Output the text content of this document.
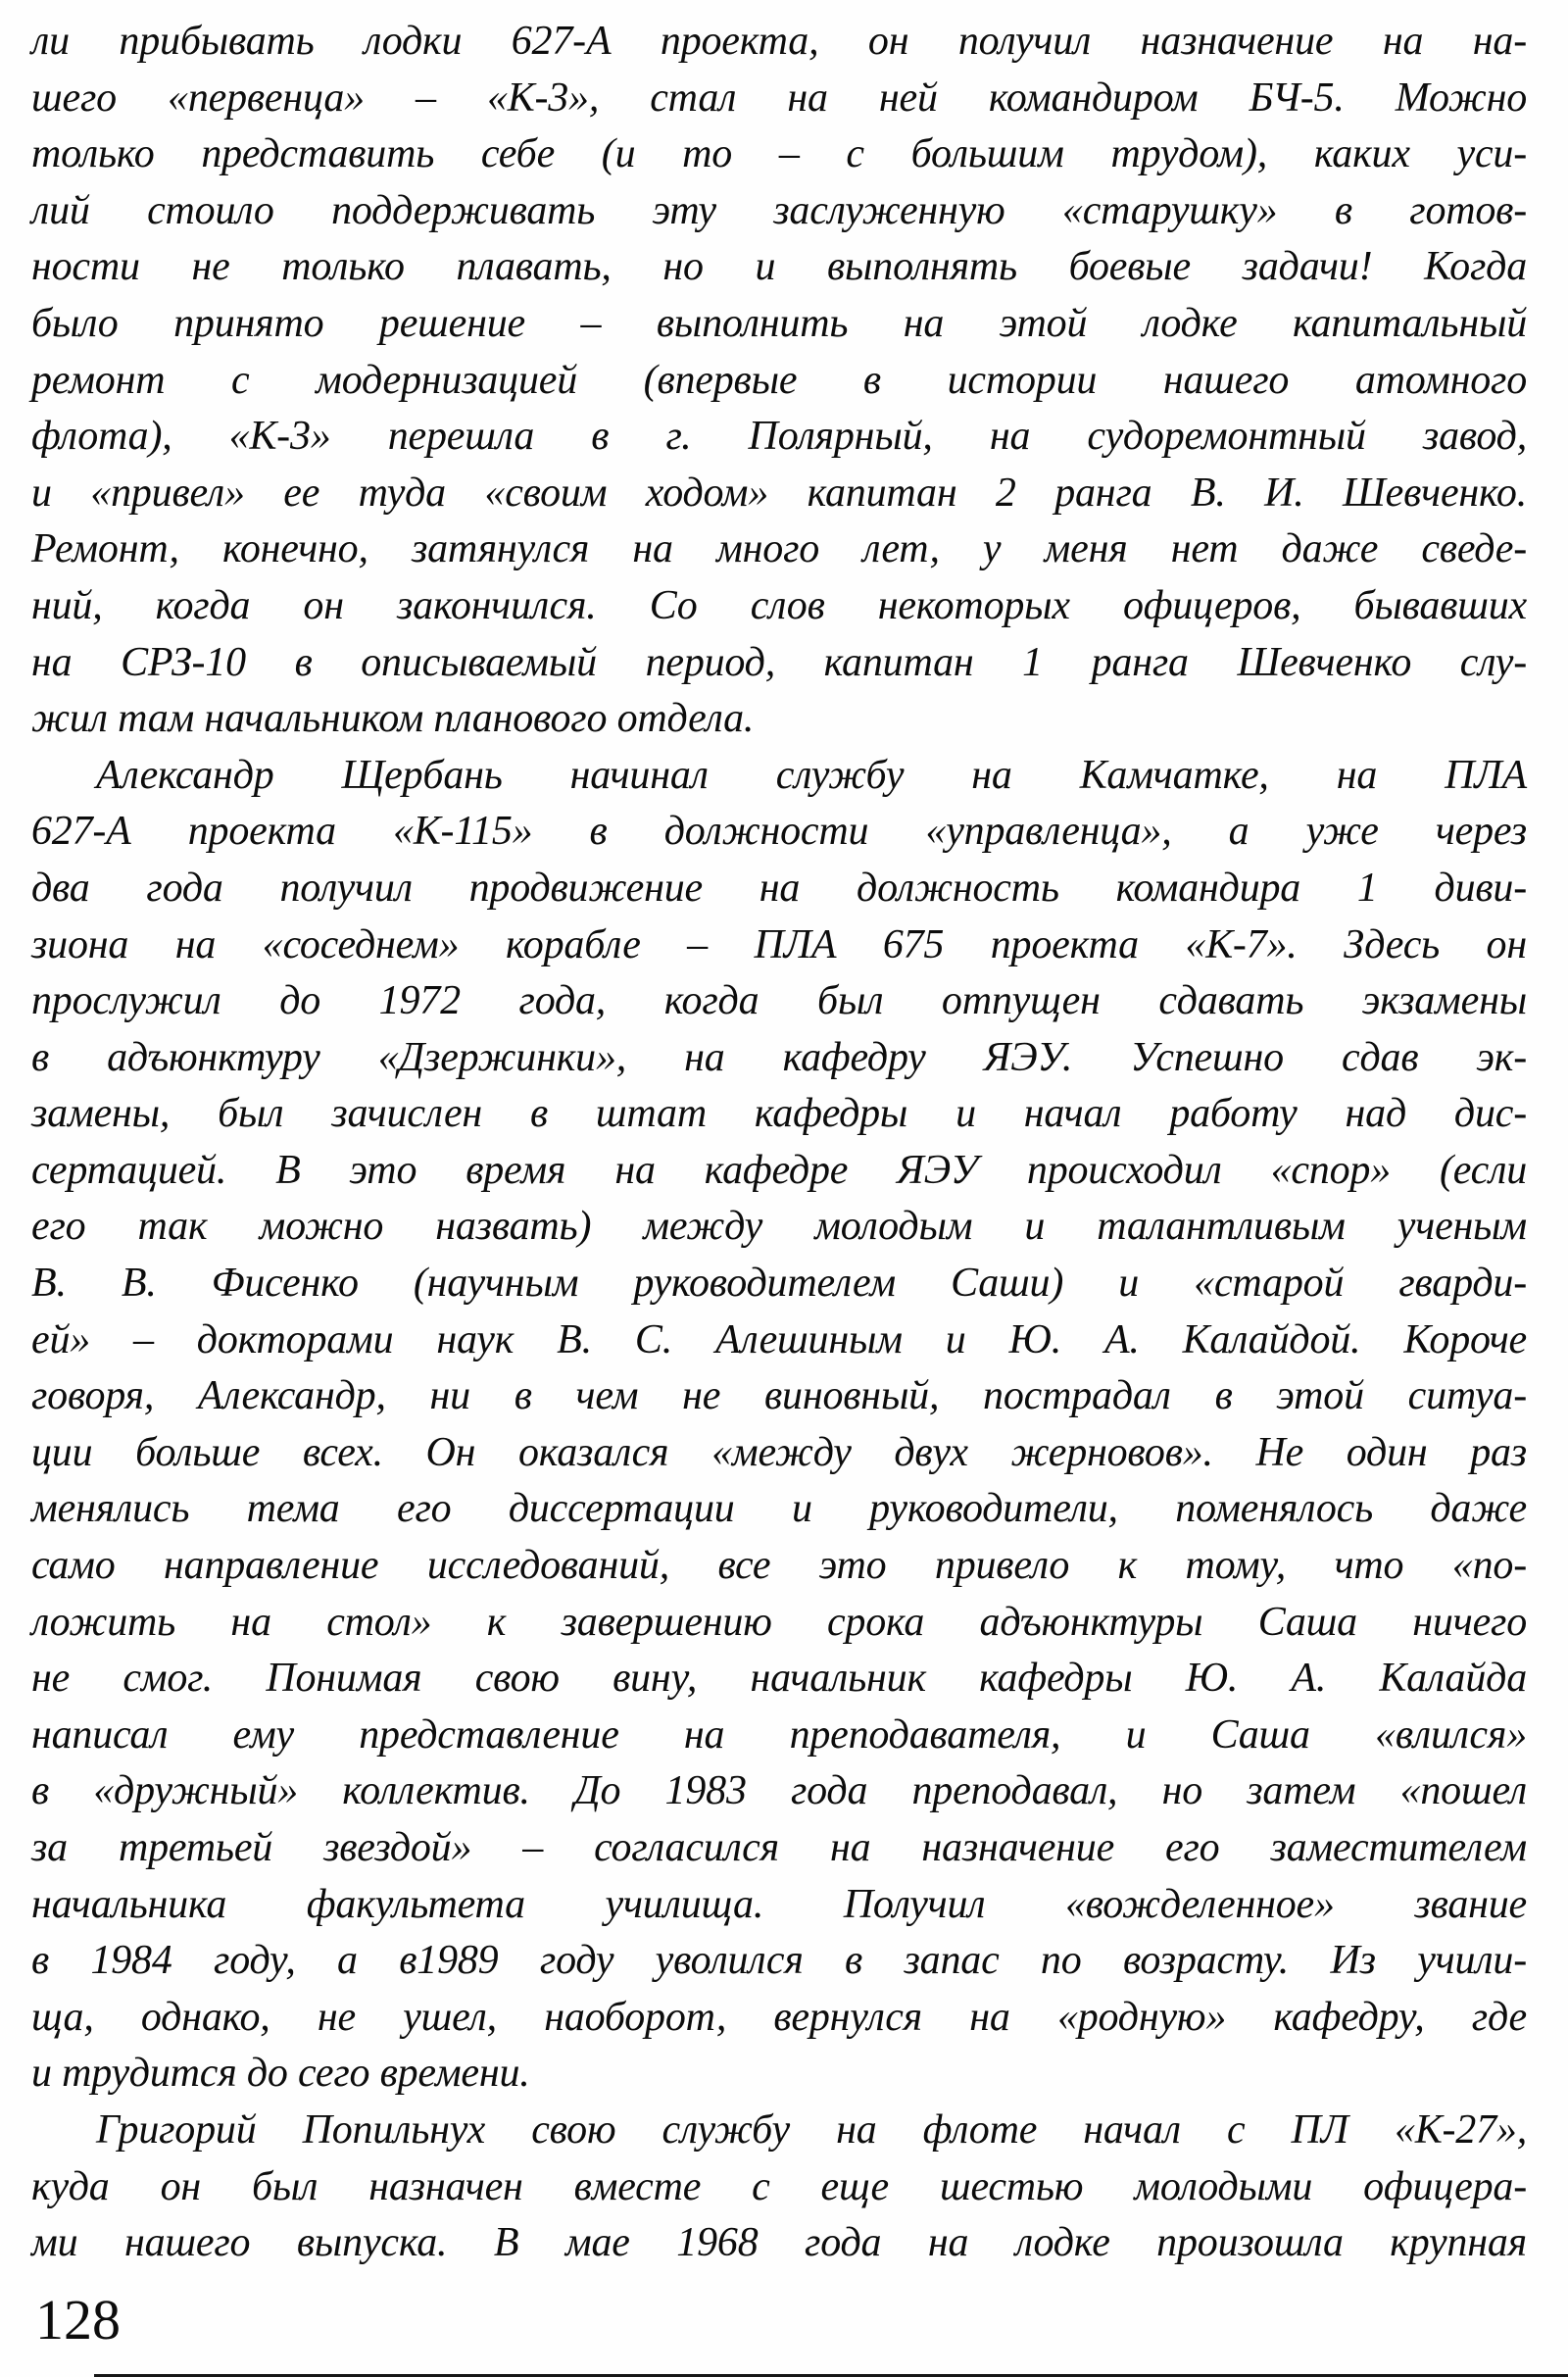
ли прибывать лодки 627-А проекта, он получил назначение на на-
шего «первенца» – «К-3», стал на ней командиром БЧ-5. Можно
только представить себе (и то – с большим трудом), каких уси-
лий стоило поддерживать эту заслуженную «старушку» в готов-
ности не только плавать, но и выполнять боевые задачи! Когда
было принято решение – выполнить на этой лодке капитальный
ремонт с модернизацией (впервые в истории нашего атомного
флота), «К-3» перешла в г. Полярный, на судоремонтный завод,
и «привел» ее туда «своим ходом» капитан 2 ранга В. И. Шевченко.
Ремонт, конечно, затянулся на много лет, у меня нет даже сведе-
ний, когда он закончился. Со слов некоторых офицеров, бывавших
на СРЗ-10 в описываемый период, капитан 1 ранга Шевченко слу-
жил там начальником планового отдела.
Александр Щербань начинал службу на Камчатке, на ПЛА
627-А проекта «К-115» в должности «управленца», а уже через
два года получил продвижение на должность командира 1 диви-
зиона на «соседнем» корабле – ПЛА 675 проекта «К-7». Здесь он
прослужил до 1972 года, когда был отпущен сдавать экзамены
в адъюнктуру «Дзержинки», на кафедру ЯЭУ. Успешно сдав эк-
замены, был зачислен в штат кафедры и начал работу над дис-
сертацией. В это время на кафедре ЯЭУ происходил «спор» (если
его так можно назвать) между молодым и талантливым ученым
В. В. Фисенко (научным руководителем Саши) и «старой гварди-
ей» – докторами наук В. С. Алешиным и Ю. А. Калайдой. Короче
говоря, Александр, ни в чем не виновный, пострадал в этой ситуа-
ции больше всех. Он оказался «между двух жерновов». Не один раз
менялись тема его диссертации и руководители, поменялось даже
само направление исследований, все это привело к тому, что «по-
ложить на стол» к завершению срока адъюнктуры Саша ничего
не смог. Понимая свою вину, начальник кафедры Ю. А. Калайда
написал ему представление на преподавателя, и Саша «влился»
в «дружный» коллектив. До 1983 года преподавал, но затем «пошел
за третьей звездой» – согласился на назначение его заместителем
начальника факультета училища. Получил «вожделенное» звание
в 1984 году, а в1989 году уволился в запас по возрасту. Из учили-
ща, однако, не ушел, наоборот, вернулся на «родную» кафедру, где
и трудится до сего времени.
Григорий Попильнух свою службу на флоте начал с ПЛ «К-27»,
куда он был назначен вместе с еще шестью молодыми офицера-
ми нашего выпуска. В мае 1968 года на лодке произошла крупная
128
